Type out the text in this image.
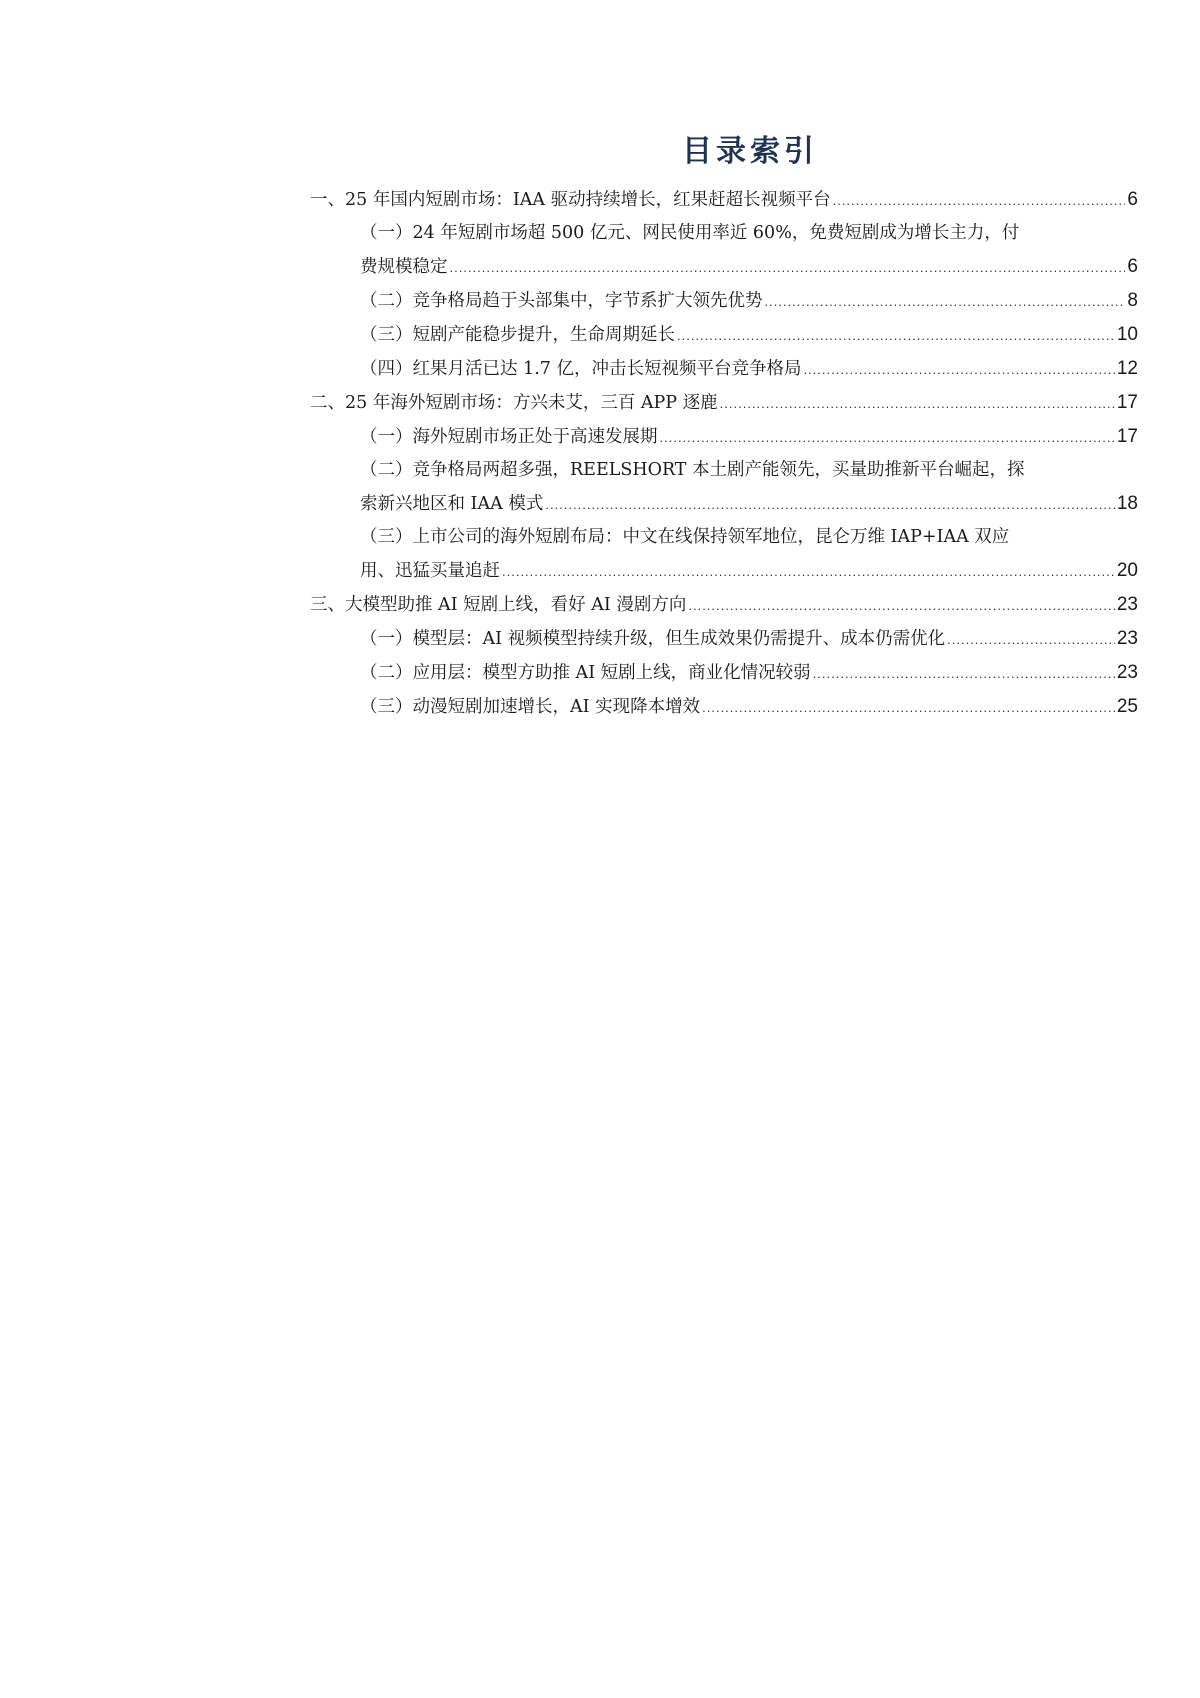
目录索引
一、25 年国内短剧市场：IAA 驱动持续增长，红果赶超长视频平台 .....	6
（一）24 年短剧市场超 500 亿元、网民使用率近 60%，免费短剧成为增长主力，付
费规模稳定 .....	6
（二）竞争格局趋于头部集中，字节系扩大领先优势 .....	8
（三）短剧产能稳步提升，生命周期延长 .....	10
（四）红果月活已达 1.7 亿，冲击长短视频平台竞争格局 .....	12
二、25 年海外短剧市场：方兴未艾，三百 APP 逐鹿 .....	17
（一）海外短剧市场正处于高速发展期 .....	17
（二）竞争格局两超多强，REELSHORT 本土剧产能领先，买量助推新平台崛起，探
索新兴地区和 IAA 模式 .....	18
（三）上市公司的海外短剧布局：中文在线保持领军地位，昆仑万维 IAP+IAA 双应
用、迅猛买量追赶 .....	20
三、大模型助推 AI 短剧上线，看好 AI 漫剧方向 .....	23
（一）模型层：AI 视频模型持续升级，但生成效果仍需提升、成本仍需优化 .....	23
（二）应用层：模型方助推 AI 短剧上线，商业化情况较弱 .....	23
（三）动漫短剧加速增长，AI 实现降本增效 .....	25
